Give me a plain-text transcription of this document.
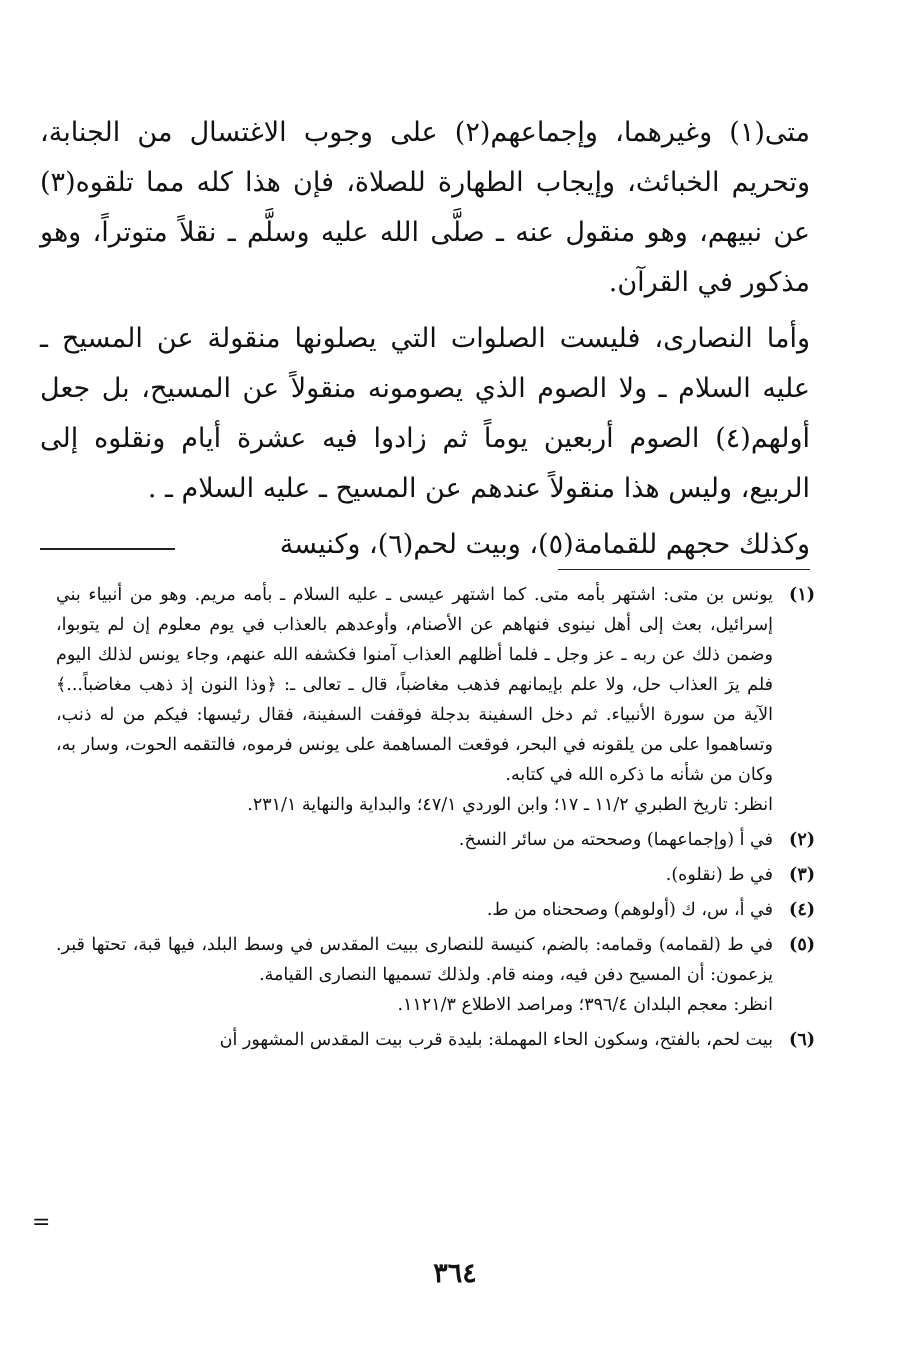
متى(١) وغيرهما، وإجماعهم(٢) على وجوب الاغتسال من الجنابة، وتحريم الخبائث، وإيجاب الطهارة للصلاة، فإن هذا كله مما تلقوه(٣) عن نبيهم، وهو منقول عنه ـ صلَّى الله عليه وسلَّم ـ نقلاً متوتراً، وهو مذكور في القرآن.

وأما النصارى، فليست الصلوات التي يصلونها منقولة عن المسيح ـ عليه السلام ـ ولا الصوم الذي يصومونه منقولاً عن المسيح، بل جعل أولهم(٤) الصوم أربعين يوماً ثم زادوا فيه عشرة أيام ونقلوه إلى الربيع، وليس هذا منقولاً عندهم عن المسيح ـ عليه السلام ـ .

وكذلك حجهم للقمامة(٥)، وبيت لحم(٦)، وكنيسة
(١)

يونس بن متى: اشتهر بأمه متى. كما اشتهر عيسى ـ عليه السلام ـ بأمه مريم. وهو من أنبياء بني إسرائيل، بعث إلى أهل نينوى فنهاهم عن الأصنام، وأوعدهم بالعذاب في يوم معلوم إن لم يتوبوا، وضمن ذلك عن ربه ـ عز وجل ـ فلما أظلهم العذاب آمنوا فكشفه الله عنهم، وجاء يونس لذلك اليوم فلم يرَ العذاب حل، ولا علم بإيمانهم فذهب مغاضباً، قال ـ تعالى ـ: ﴿وذا النون إذ ذهب مغاضباً...﴾ الآية من سورة الأنبياء. ثم دخل السفينة بدجلة فوقفت السفينة، فقال رئيسها: فيكم من له ذنب، وتساهموا على من يلقونه في البحر، فوقعت المساهمة على يونس فرموه، فالتقمه الحوت، وسار به، وكان من شأنه ما ذكره الله في كتابه.

انظر: تاريخ الطبري ١١/٢ ـ ١٧؛ وابن الوردي ٤٧/١؛ والبداية والنهاية ٢٣١/١.

(٢)

في أ (وإجماعهما) وصححته من سائر النسخ.

(٣)

في ط (نقلوه).

(٤)

في أ، س، ك (أولوهم) وصححناه من ط.

(٥)

في ط (لقمامه) وقمامه: بالضم، كنيسة للنصارى ببيت المقدس في وسط البلد، فيها قبة، تحتها قبر. يزعمون: أن المسيح دفن فيه، ومنه قام. ولذلك تسميها النصارى القيامة.

انظر: معجم البلدان ٣٩٦/٤؛ ومراصد الاطلاع ١١٢١/٣.

(٦)

بيت لحم، بالفتح، وسكون الحاء المهملة: بليدة قرب بيت المقدس المشهور أن

=
٣٦٤
